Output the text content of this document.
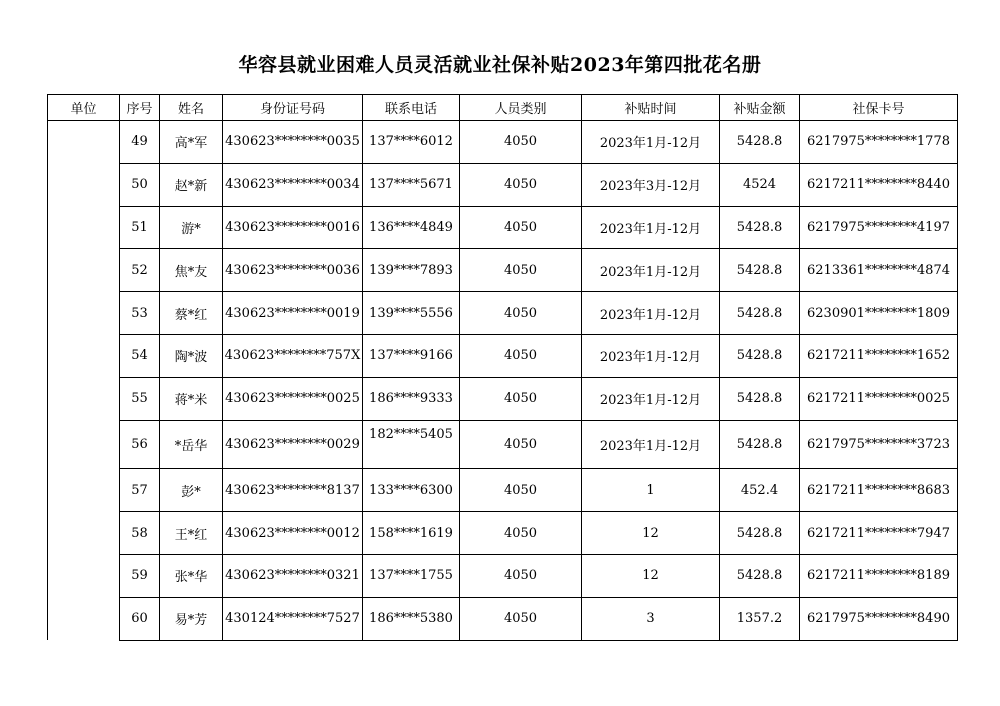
华容县就业困难人员灵活就业社保补贴2023年第四批花名册
单位	序号	姓名	身份证号码	联系电话	人员类别	补贴时间	补贴金额	社保卡号
	49	高*军	430623********0035	137****6012	4050	2023年1月-12月	5428.8	6217975********1778
	50	赵*新	430623********0034	137****5671	4050	2023年3月-12月	4524	6217211********8440
	51	游*	430623********0016	136****4849	4050	2023年1月-12月	5428.8	6217975********4197
	52	焦*友	430623********0036	139****7893	4050	2023年1月-12月	5428.8	6213361********4874
	53	蔡*红	430623********0019	139****5556	4050	2023年1月-12月	5428.8	6230901********1809
	54	陶*波	430623********757X	137****9166	4050	2023年1月-12月	5428.8	6217211********1652
	55	蒋*米	430623********0025	186****9333	4050	2023年1月-12月	5428.8	6217211********0025
	56	*岳华	430623********0029	182****5405	4050	2023年1月-12月	5428.8	6217975********3723
	57	彭*	430623********8137	133****6300	4050	1	452.4	6217211********8683
	58	王*红	430623********0012	158****1619	4050	12	5428.8	6217211********7947
	59	张*华	430623********0321	137****1755	4050	12	5428.8	6217211********8189
	60	易*芳	430124********7527	186****5380	4050	3	1357.2	6217975********8490
